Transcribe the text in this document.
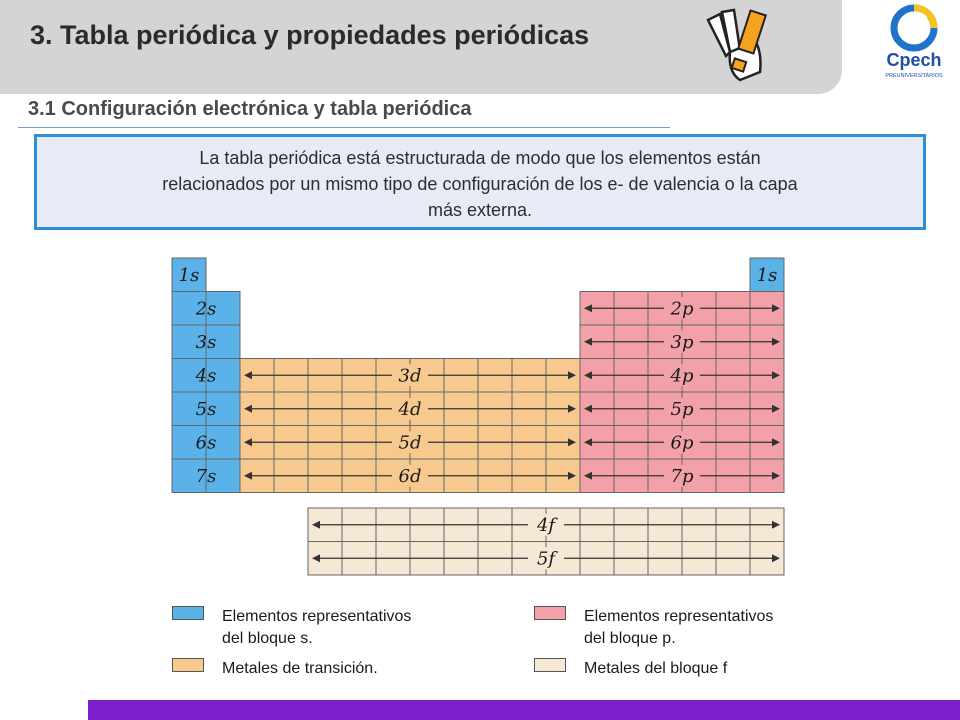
3. Tabla periódica y propiedades periódicas
Cpech
PREUNIVERSITARIOS
3.1 Configuración electrónica y tabla periódica
La tabla periódica está estructurada de modo que los elementos están
relacionados por un mismo tipo de configuración de los e- de valencia o la capa
más externa.
1s	1s
2s
3s
4s
5s
6s
7s
3d
4d
5d
6d
2p
3p
4p
5p
6p
7p
4f
5f
Elementos representativos
del bloque s.
Metales de transición.
Elementos representativos
del bloque p.
Metales del bloque f
